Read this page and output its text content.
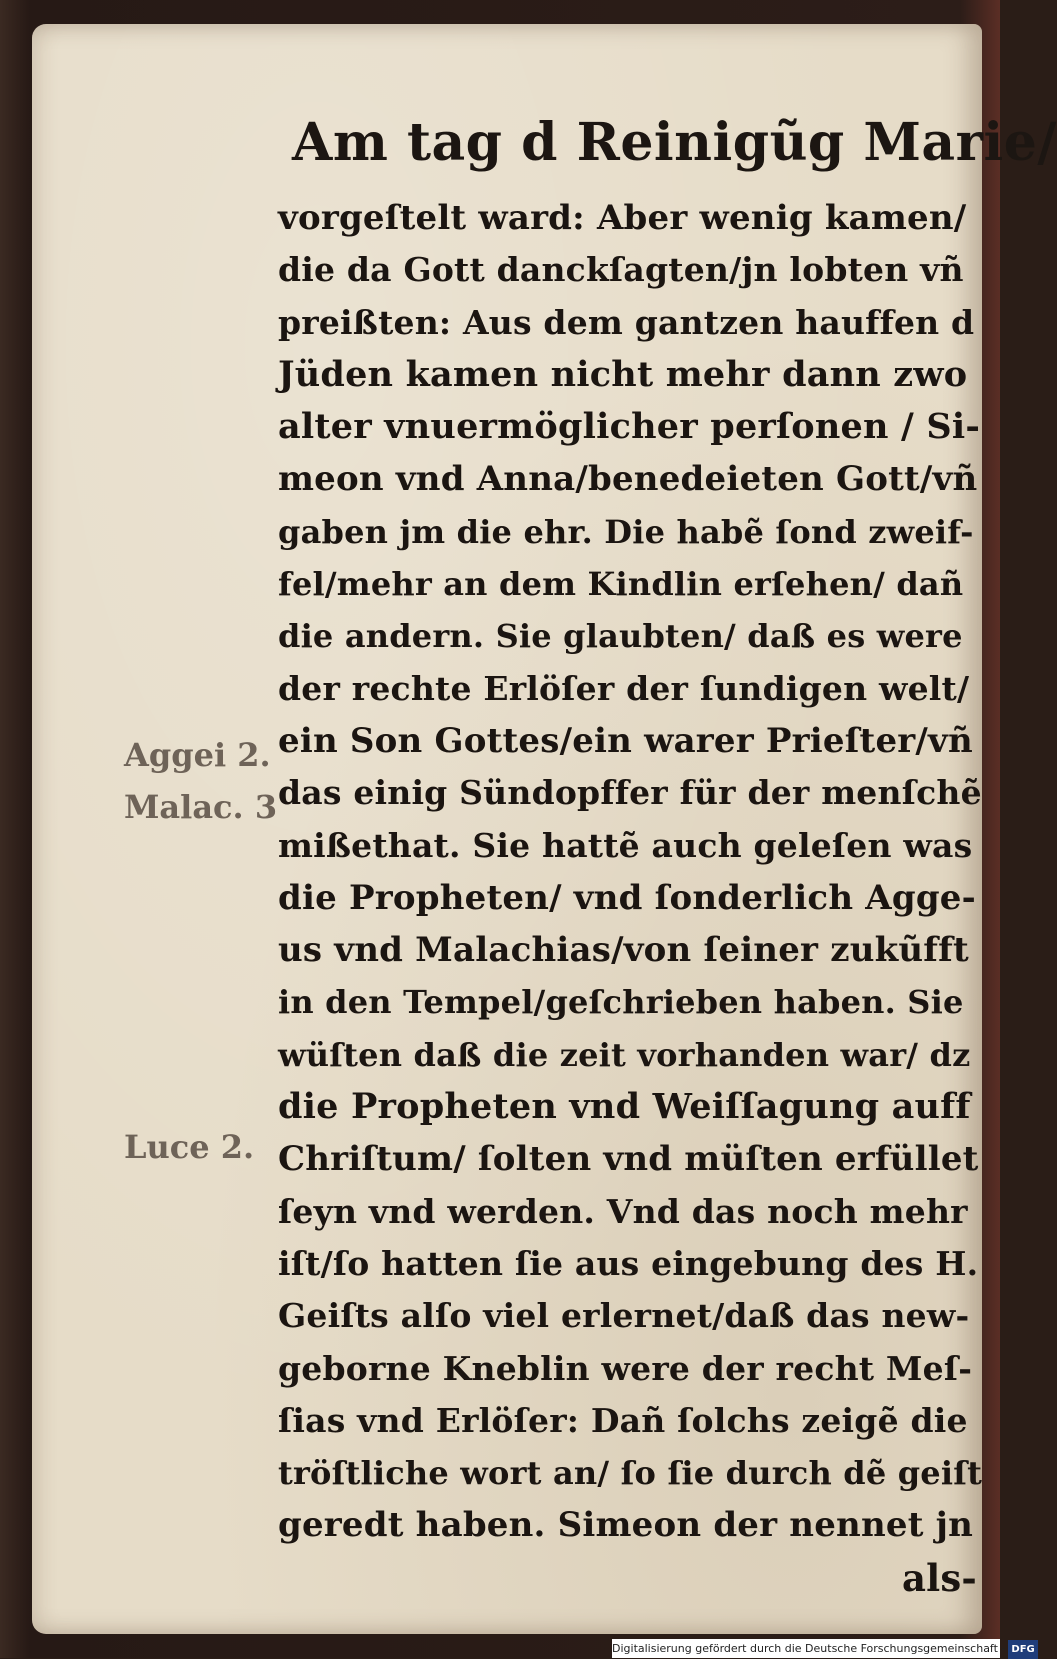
Am tag d Reinigũg Marie/
vorgeſtelt ward: Aber wenig kamen/
die da Gott danckſagten/jn lobten vñ
preißten: Aus dem gantzen hauffen d
Jüden kamen nicht mehr dann zwo
alter vnuermöglicher perſonen / Si-
meon vnd Anna/benedeieten Gott/vñ
gaben jm die ehr. Die habẽ ſond zweif-
fel/mehr an dem Kindlin erſehen/ dañ
die andern. Sie glaubten/ daß es were
der rechte Erlöſer der ſundigen welt/
ein Son Gottes/ein warer Prieſter/vñ
das einig Sündopffer für der menſchẽ
mißethat. Sie hattẽ auch geleſen was
die Propheten/ vnd ſonderlich Agge-
us vnd Malachias/von ſeiner zukũfft
in den Tempel/geſchrieben haben. Sie
wüſten daß die zeit vorhanden war/ dz
die Propheten vnd Weiſſagung auff
Chriſtum/ ſolten vnd müſten erfüllet
ſeyn vnd werden. Vnd das noch mehr
iſt/ſo hatten ſie aus eingebung des H.
Geiſts alſo viel erlernet/daß das new-
geborne Kneblin were der recht Meſ-
ſias vnd Erlöſer: Dañ ſolchs zeigẽ die
tröſtliche wort an/ ſo ſie durch dẽ geiſt
geredt haben. Simeon der nennet jn
als-
Aggei 2.
Malac. 3
Luce 2.
Digitalisierung gefördert durch die Deutsche Forschungsgemeinschaft - DFG
